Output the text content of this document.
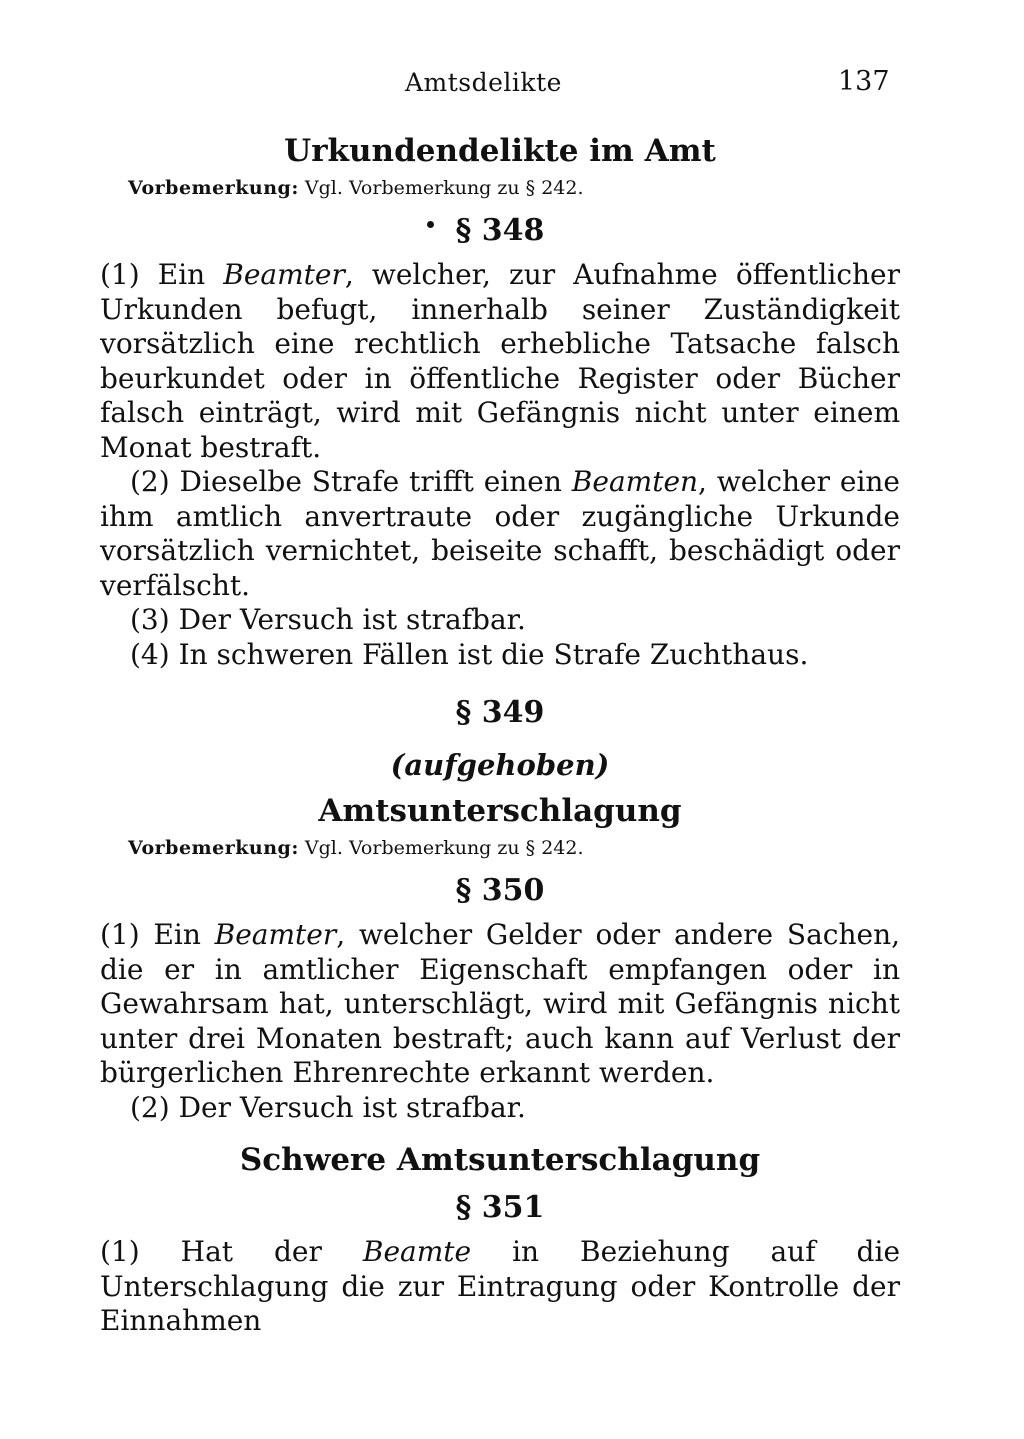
Amtsdelikte	137
Urkundendelikte im Amt

Vorbemerkung: Vgl. Vorbemerkung zu § 242.

§ 348

(1) Ein Beamter, welcher, zur Aufnahme öffentlicher Urkunden befugt, innerhalb seiner Zuständigkeit vorsätzlich eine rechtlich erhebliche Tatsache falsch beurkundet oder in öffentliche Register oder Bücher falsch einträgt, wird mit Gefängnis nicht unter einem Monat bestraft.

(2) Dieselbe Strafe trifft einen Beamten, welcher eine ihm amtlich anvertraute oder zugängliche Urkunde vorsätzlich vernichtet, beiseite schafft, beschädigt oder verfälscht.

(3) Der Versuch ist strafbar.

(4) In schweren Fällen ist die Strafe Zuchthaus.

§ 349

(aufgehoben)

Amtsunterschlagung

Vorbemerkung: Vgl. Vorbemerkung zu § 242.

§ 350

(1) Ein Beamter, welcher Gelder oder andere Sachen, die er in amtlicher Eigenschaft empfangen oder in Gewahrsam hat, unterschlägt, wird mit Gefängnis nicht unter drei Monaten bestraft; auch kann auf Verlust der bürgerlichen Ehrenrechte erkannt werden.

(2) Der Versuch ist strafbar.

Schwere Amtsunterschlagung
§ 351

(1) Hat der Beamte in Beziehung auf die Unterschlagung die zur Eintragung oder Kontrolle der Einnahmen
